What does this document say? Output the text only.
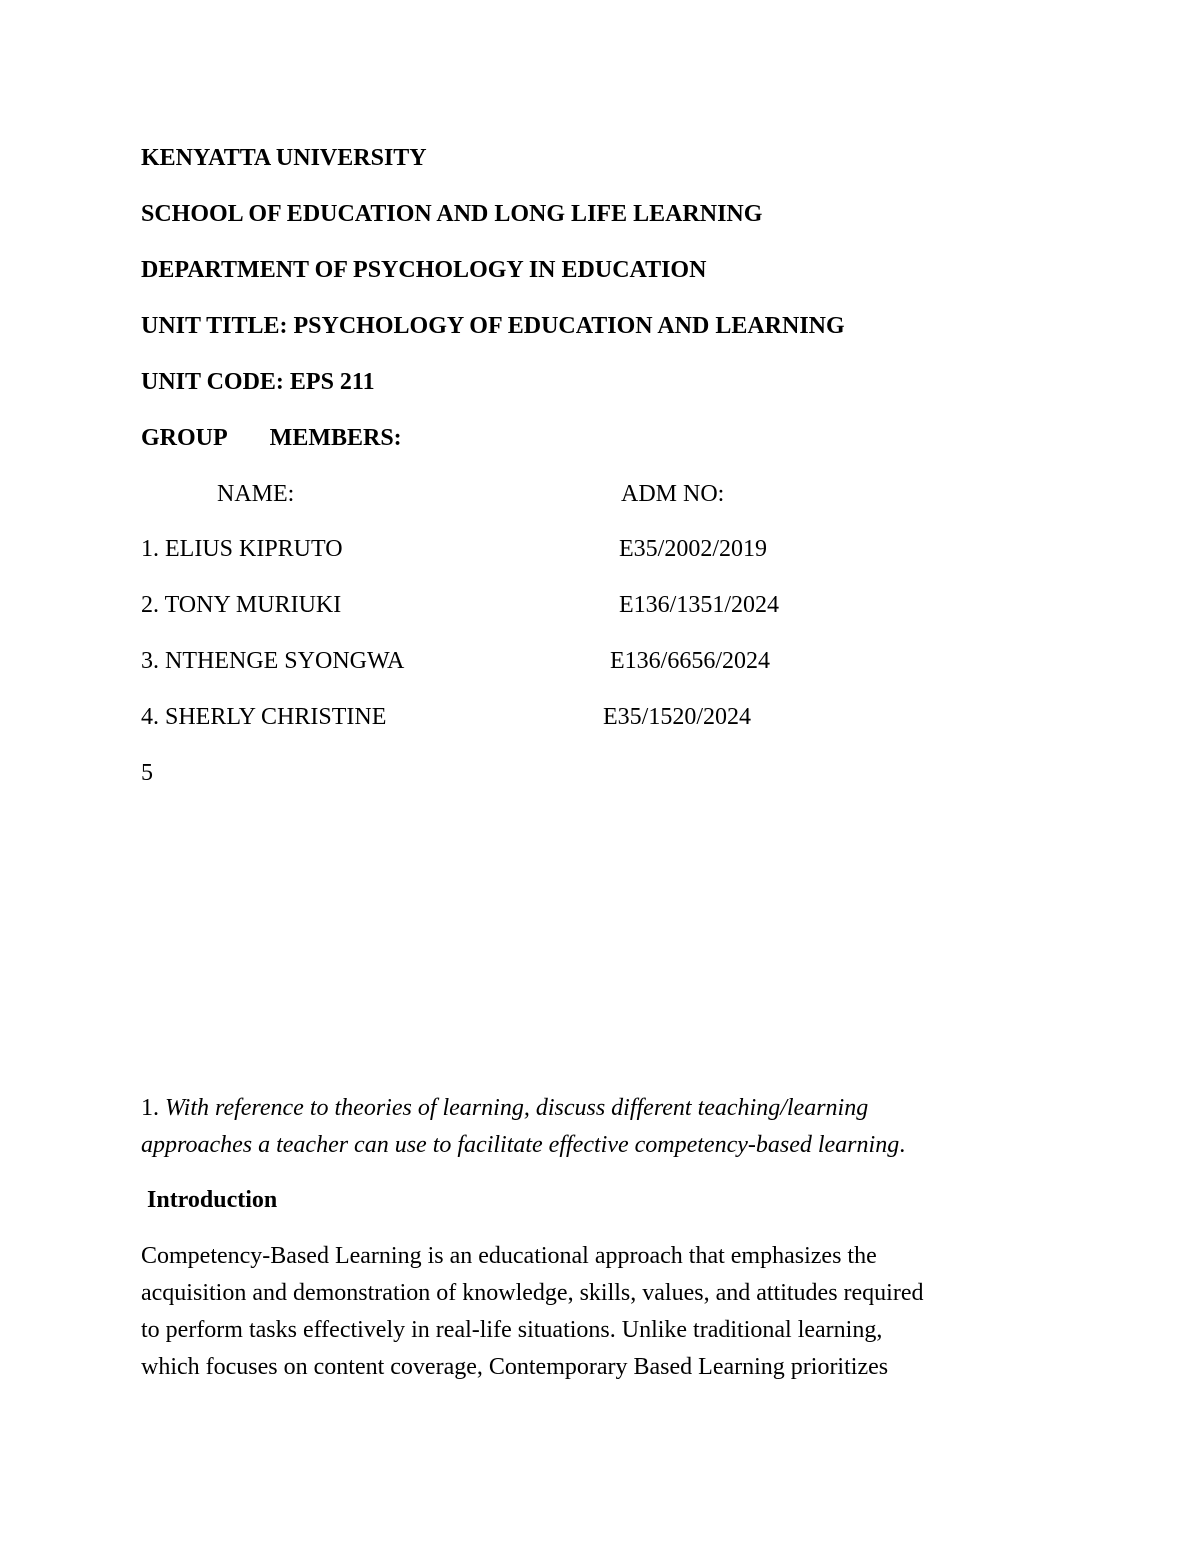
KENYATTA UNIVERSITY
SCHOOL OF EDUCATION AND LONG LIFE LEARNING
DEPARTMENT OF PSYCHOLOGY IN EDUCATION
UNIT TITLE: PSYCHOLOGY OF EDUCATION AND LEARNING
UNIT CODE: EPS 211
GROUP MEMBERS:
NAME:	ADM NO:
1. ELIUS KIPRUTO	E35/2002/2019
2. TONY MURIUKI	E136/1351/2024
3. NTHENGE SYONGWA	E136/6656/2024
4. SHERLY CHRISTINE	E35/1520/2024
5
1. With reference to theories of learning, discuss different teaching/learning
approaches a teacher can use to facilitate effective competency-based learning.
Introduction
Competency-Based Learning is an educational approach that emphasizes the
acquisition and demonstration of knowledge, skills, values, and attitudes required
to perform tasks effectively in real-life situations. Unlike traditional learning,
which focuses on content coverage, Contemporary Based Learning prioritizes
